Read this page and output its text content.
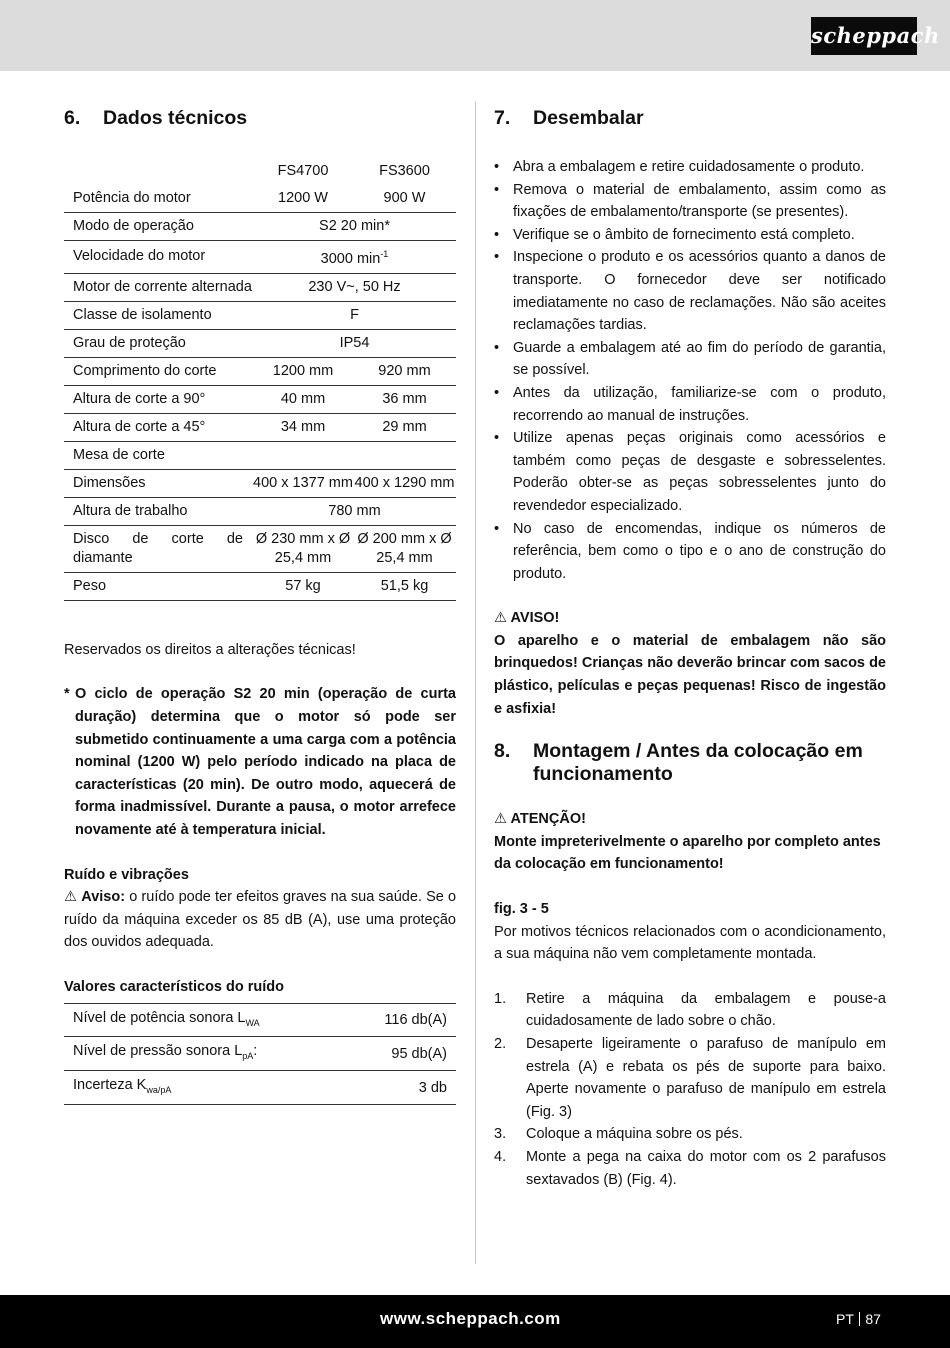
scheppach
6.	Dados técnicos
	FS4700	FS3600
Potência do motor	1200 W	900 W
Modo de operação	S2 20 min*	
Velocidade do motor	3000 $\min^{-1}$
Motor de corrente alternada	230 V~, 50 Hz	
Classe de isolamento	F	
Grau de proteção	IP54	
Comprimento do corte	1200 mm	920 mm
Altura de corte a 90°	40 mm	36 mm
Altura de corte a 45°	34 mm	29 mm
Mesa de corte		
Dimensões	400 x 1377 mm	400 x 1290 mm
Altura de trabalho	780 mm	
Disco de corte de diamante	Ø 230 mm x Ø 25,4 mm	Ø 200 mm x Ø 25,4 mm
Peso	57 kg	51,5 kg

Reservados os direitos a alterações técnicas!

* O ciclo de operação S2 20 min (operação de curta duração) determina que o motor só pode ser submetido continuamente a uma carga com a potência nominal (1200 W) pelo período indicado na placa de características (20 min). De outro modo, aquecerá de forma inadmissível. Durante a pausa, o motor arrefece novamente até à temperatura inicial.

Ruído e vibrações

⚠ Aviso: o ruído pode ter efeitos graves na sua saúde. Se o ruído da máquina exceder os 85 dB (A), use uma proteção dos ouvidos adequada.

Valores característicos do ruído

Nível de potência sonora $L_{WA}$	116 db(A)
Nível de pressão sonora $L_{pA}$:	95 db(A)
Incerteza $K_{wa/pA}$	3 db
7.	Desembalar
• Abra a embalagem e retire cuidadosamente o produto.
• Remova o material de embalamento, assim como as fixações de embalamento/transporte (se presentes).
• Verifique se o âmbito de fornecimento está completo.
• Inspecione o produto e os acessórios quanto a danos de transporte. O fornecedor deve ser notificado imediatamente no caso de reclamações. Não são aceites reclamações tardias.
• Guarde a embalagem até ao fim do período de garantia, se possível.
• Antes da utilização, familiarize-se com o produto, recorrendo ao manual de instruções.
• Utilize apenas peças originais como acessórios e também como peças de desgaste e sobresselentes. Poderão obter-se as peças sobresselentes junto do revendedor especializado.
• No caso de encomendas, indique os números de referência, bem como o tipo e o ano de construção do produto.

⚠ AVISO!

O aparelho e o material de embalagem não são brinquedos! Crianças não deverão brincar com sacos de plástico, películas e peças pequenas! Risco de ingestão e asfixia!

8.	Montagem / Antes da colocação em funcionamento

⚠ ATENÇÃO!

Monte impreterivelmente o aparelho por completo antes da colocação em funcionamento!

fig. 3 - 5

Por motivos técnicos relacionados com o acondicionamento, a sua máquina não vem completamente montada.

1.	Retire a máquina da embalagem e pouse-a cuidadosamente de lado sobre o chão.
2.	Desaperte ligeiramente o parafuso de manípulo em estrela (A) e rebata os pés de suporte para baixo. Aperte novamente o parafuso de manípulo em estrela (Fig. 3)
3.	Coloque a máquina sobre os pés.
4.	Monte a pega na caixa do motor com os 2 parafusos sextavados (B) (Fig. 4).
www.scheppach.com	PT 87
